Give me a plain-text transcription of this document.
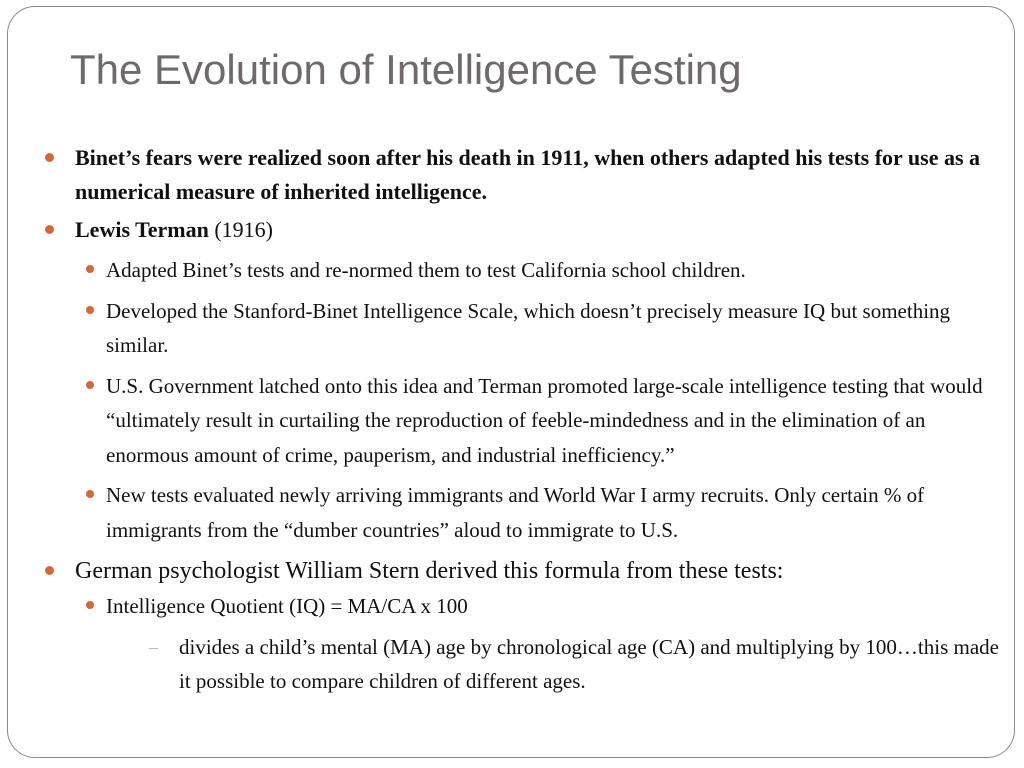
The Evolution of Intelligence Testing

Binet’s fears were realized soon after his death in 1911, when others adapted his tests for use as a numerical measure of inherited intelligence.

Lewis Terman (1916)

Adapted Binet’s tests and re-normed them to test California school children.

Developed the Stanford-Binet Intelligence Scale, which doesn’t precisely measure IQ but something similar.

U.S. Government latched onto this idea and Terman promoted large-scale intelligence testing that would “ultimately result in curtailing the reproduction of feeble-mindedness and in the elimination of an enormous amount of crime, pauperism, and industrial inefficiency.”

New tests evaluated newly arriving immigrants and World War I army recruits. Only certain % of immigrants from the “dumber countries” aloud to immigrate to U.S.

German psychologist William Stern derived this formula from these tests:

Intelligence Quotient (IQ) = MA/CA x 100

– divides a child’s mental (MA) age by chronological age (CA) and multiplying by 100…this made it possible to compare children of different ages.
